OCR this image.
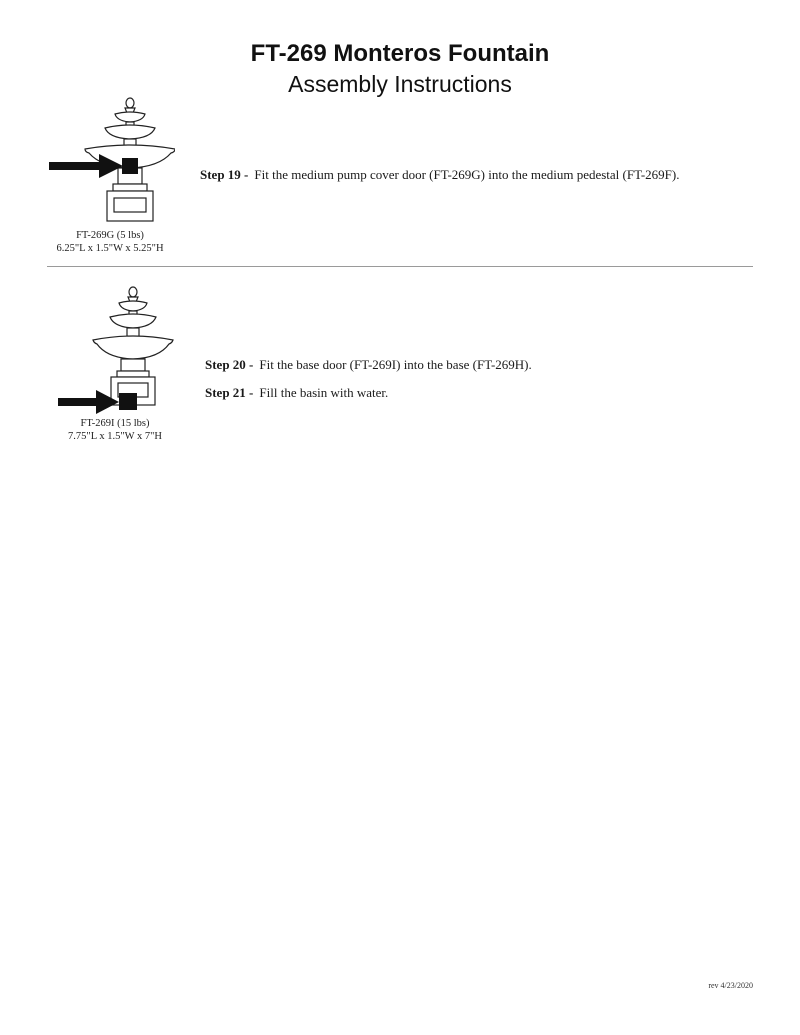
FT-269 Monteros Fountain
Assembly Instructions
FT-269G (5 lbs)
6.25"L x 1.5"W x 5.25"H
Step 19 - Fit the medium pump cover door (FT-269G) into the medium pedestal (FT-269F).
FT-269I (15 lbs)
7.75"L x 1.5"W x 7"H
Step 20 - Fit the base door (FT-269I) into the base (FT-269H).
Step 21 - Fill the basin with water.
rev 4/23/2020
